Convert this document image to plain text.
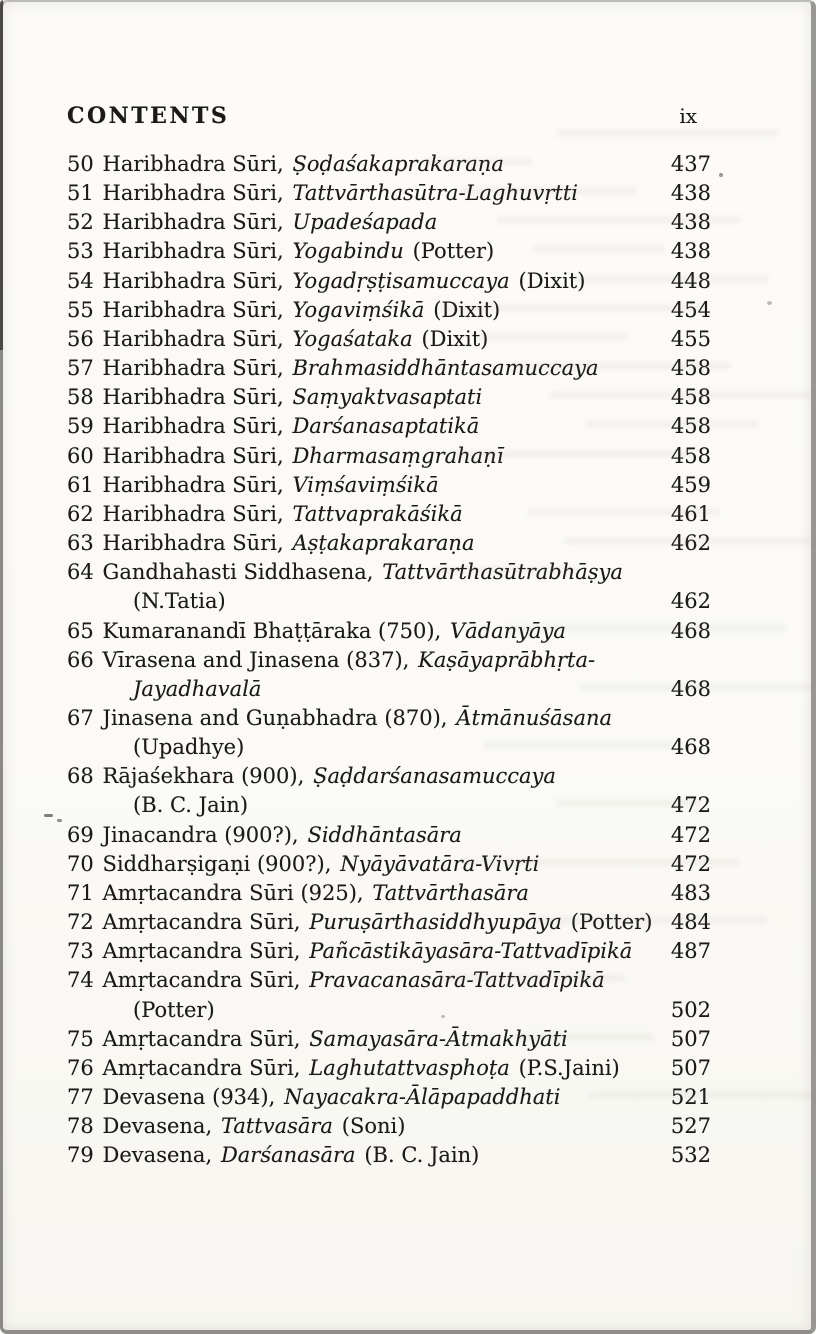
CONTENTS	ix
50 Haribhadra Sūri, Ṣoḍaśakaprakaraṇa	437
51 Haribhadra Sūri, Tattvārthasūtra-Laghuvṛtti	438
52 Haribhadra Sūri, Upadeśapada	438
53 Haribhadra Sūri, Yogabindu (Potter)	438
54 Haribhadra Sūri, Yogadṛṣṭisamuccaya (Dixit)	448
55 Haribhadra Sūri, Yogaviṃśikā (Dixit)	454
56 Haribhadra Sūri, Yogaśataka (Dixit)	455
57 Haribhadra Sūri, Brahmasiddhāntasamuccaya	458
58 Haribhadra Sūri, Saṃyaktvasaptati	458
59 Haribhadra Sūri, Darśanasaptatikā	458
60 Haribhadra Sūri, Dharmasaṃgrahaṇī	458
61 Haribhadra Sūri, Viṃśaviṃśikā	459
62 Haribhadra Sūri, Tattvaprakāśikā	461
63 Haribhadra Sūri, Aṣṭakaprakaraṇa	462
64 Gandhahasti Siddhasena, Tattvārthasūtrabhāṣya
(N.Tatia)	462
65 Kumaranandī Bhaṭṭāraka (750), Vādanyāya	468
66 Vīrasena and Jinasena (837), Kaṣāyaprābhṛta-
Jayadhavalā	468
67 Jinasena and Guṇabhadra (870), Ātmānuśāsana
(Upadhye)	468
68 Rājaśekhara (900), Ṣaḍdarśanasamuccaya
(B. C. Jain)	472
69 Jinacandra (900?), Siddhāntasāra	472
70 Siddharṣigaṇi (900?), Nyāyāvatāra-Vivṛti	472
71 Amṛtacandra Sūri (925), Tattvārthasāra	483
72 Amṛtacandra Sūri, Puruṣārthasiddhyupāya (Potter) 484
73 Amṛtacandra Sūri, Pañcāstikāyasāra-Tattvadīpikā	487
74 Amṛtacandra Sūri, Pravacanasāra-Tattvadīpikā
(Potter)	502
75 Amṛtacandra Sūri, Samayasāra-Ātmakhyāti	507
76 Amṛtacandra Sūri, Laghutattvasphoṭa (P.S.Jaini)	507
77 Devasena (934), Nayacakra-Ālāpapaddhati	521
78 Devasena, Tattvasāra (Soni)	527
79 Devasena, Darśanasāra (B. C. Jain)	532
